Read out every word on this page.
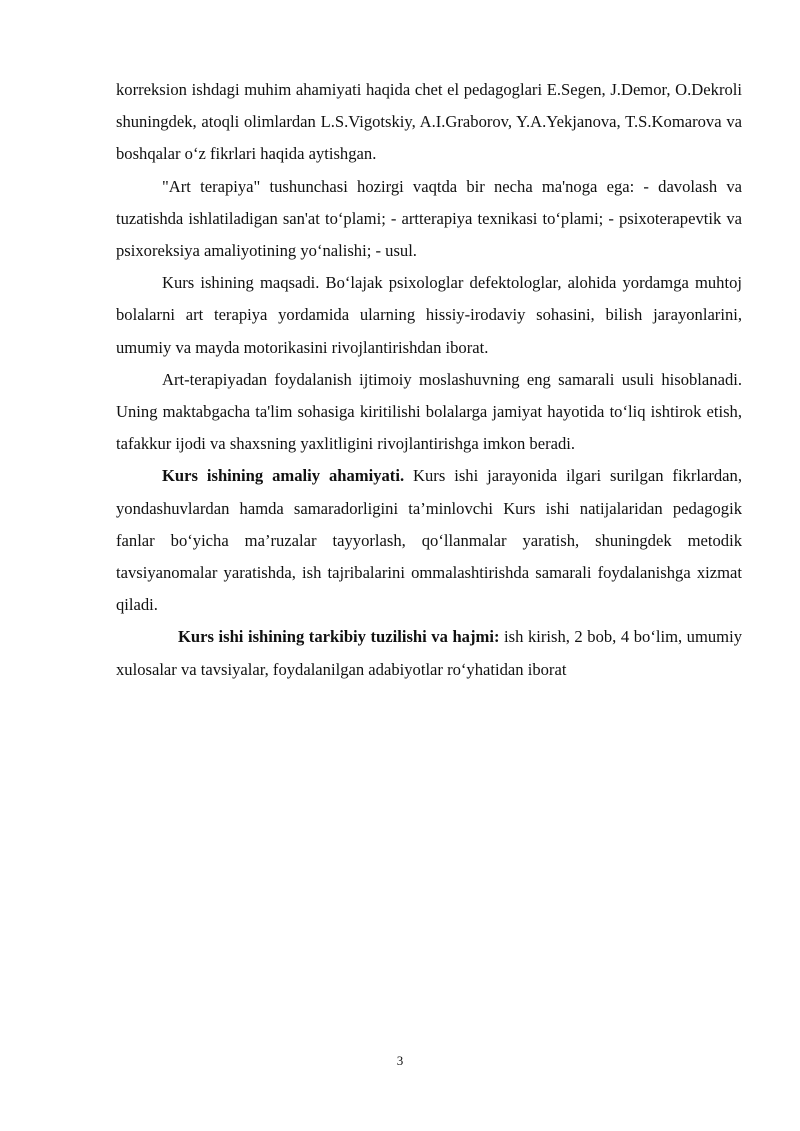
korreksion ishdagi muhim ahamiyati haqida chet el pedagoglari E.Segen, J.Demor, O.Dekroli shuningdek, atoqli olimlardan L.S.Vigotskiy, A.I.Graborov, Y.A.Yekjanova, T.S.Komarova va boshqalar o‘z fikrlari haqida aytishgan.

"Art terapiya" tushunchasi hozirgi vaqtda bir necha ma'noga ega: - davolash va tuzatishda ishlatiladigan san'at to‘plami; - artterapiya texnikasi to‘plami; - psixoterapevtik va psixoreksiya amaliyotining yo‘nalishi; - usul.

Kurs ishining maqsadi. Bo‘lajak psixologlar defektologlar, alohida yordamga muhtoj bolalarni art terapiya yordamida ularning hissiy-irodaviy sohasini, bilish jarayonlarini, umumiy va mayda motorikasini rivojlantirishdan iborat.

Art-terapiyadan foydalanish ijtimoiy moslashuvning eng samarali usuli hisoblanadi. Uning maktabgacha ta'lim sohasiga kiritilishi bolalarga jamiyat hayotida to‘liq ishtirok etish, tafakkur ijodi va shaxsning yaxlitligini rivojlantirishga imkon beradi.

Kurs ishining amaliy ahamiyati. Kurs ishi jarayonida ilgari surilgan fikrlardan, yondashuvlardan hamda samaradorligini ta’minlovchi Kurs ishi natijalaridan pedagogik fanlar bo‘yicha ma’ruzalar tayyorlash, qo‘llanmalar yaratish, shuningdek metodik tavsiyanomalar yaratishda, ish tajribalarini ommalashtirishda samarali foydalanishga xizmat qiladi.

Kurs ishi ishining tarkibiy tuzilishi va hajmi: ish kirish, 2 bob, 4 bo‘lim, umumiy xulosalar va tavsiyalar, foydalanilgan adabiyotlar ro‘yhatidan iborat

3
